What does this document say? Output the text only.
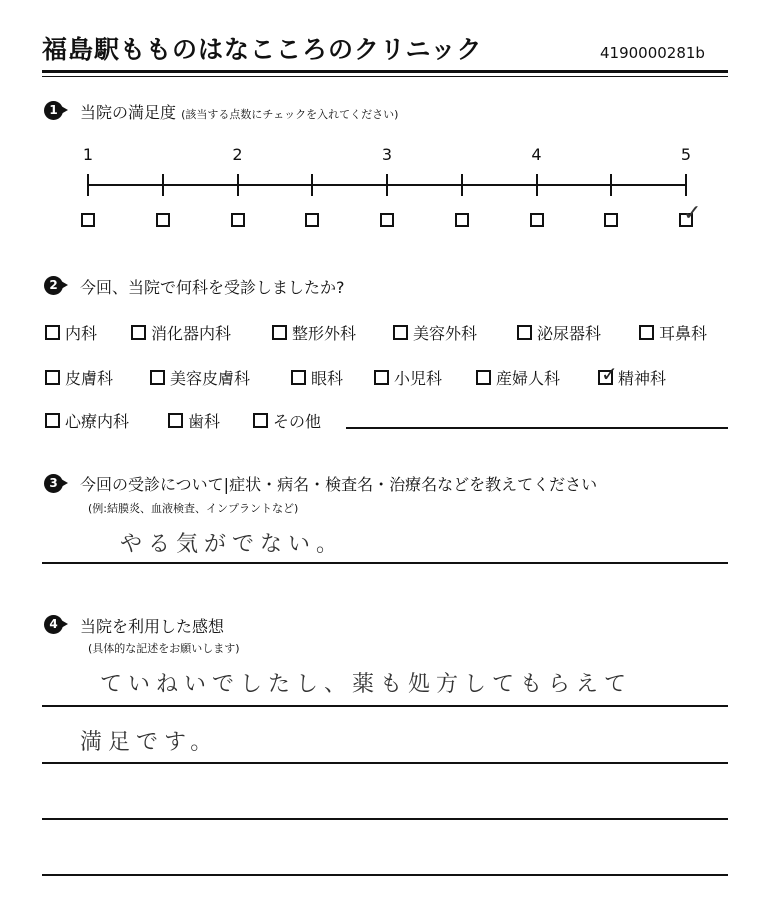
福島駅もものはなこころのクリニック	4190000281b
1	当院の満足度 (該当する点数にチェックを入れてください)
1	2	3	4
✓
5
2	今回、当院で何科を受診しましたか?
内科	消化器内科	整形外科	美容外科	泌尿器科	耳鼻科
皮膚科	美容皮膚科	眼科	小児科	産婦人科
✓	精神科
心療内科	歯科	その他
3	今回の受診について|症状・病名・検査名・治療名などを教えてください
(例:結膜炎、血液検査、インプラントなど)
やる気がでない。
4	当院を利用した感想
(具体的な記述をお願いします)
ていねいでしたし、薬も処方してもらえて
満足です。
